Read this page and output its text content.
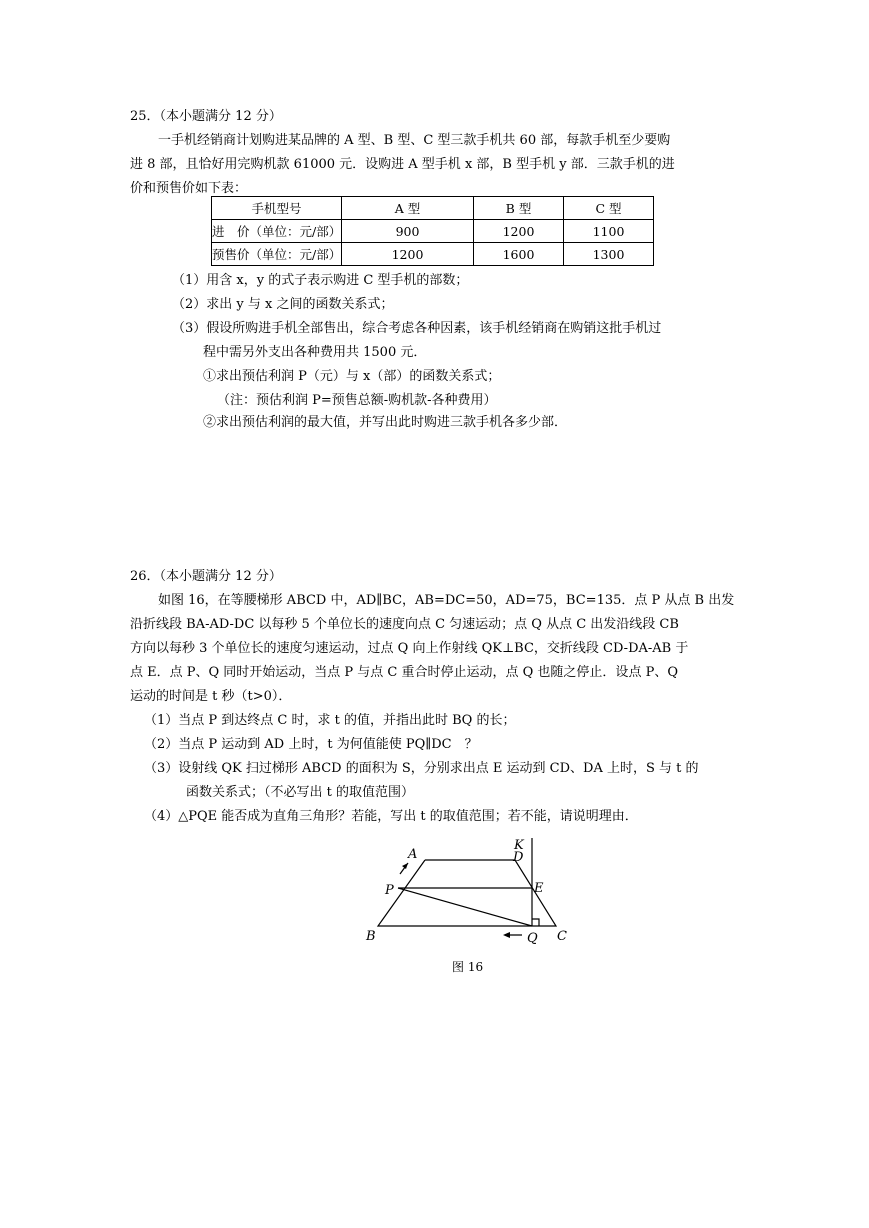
25．（本小题满分 12 分）
一手机经销商计划购进某品牌的 A 型、B 型、C 型三款手机共 60 部，每款手机至少要购
进 8 部，且恰好用完购机款 61000 元．设购进 A 型手机 x 部，B 型手机 y 部．三款手机的进
价和预售价如下表：
手机型号	A 型	B 型	C 型
进　价（单位：元/部）	900	1200	1100
预售价（单位：元/部）	1200	1600	1300
（1）用含 x，y 的式子表示购进 C 型手机的部数；
（2）求出 y 与 x 之间的函数关系式；
（3）假设所购进手机全部售出，综合考虑各种因素，该手机经销商在购销这批手机过
程中需另外支出各种费用共 1500 元．
①求出预估利润 P（元）与 x（部）的函数关系式；
（注：预估利润 P=预售总额-购机款-各种费用）
②求出预估利润的最大值，并写出此时购进三款手机各多少部．
26．（本小题满分 12 分）
如图 16，在等腰梯形 ABCD 中，AD∥BC，AB=DC=50，AD=75，BC=135．点 P 从点 B 出发
沿折线段 BA-AD-DC 以每秒 5 个单位长的速度向点 C 匀速运动；点 Q 从点 C 出发沿线段 CB
方向以每秒 3 个单位长的速度匀速运动，过点 Q 向上作射线 QK⊥BC，交折线段 CD-DA-AB 于
点 E．点 P、Q 同时开始运动，当点 P 与点 C 重合时停止运动，点 Q 也随之停止．设点 P、Q
运动的时间是 t 秒（t>0）．
（1）当点 P 到达终点 C 时，求 t 的值，并指出此时 BQ 的长；
（2）当点 P 运动到 AD 上时，t 为何值能使 PQ∥DC　？
（3）设射线 QK 扫过梯形 ABCD 的面积为 S，分别求出点 E 运动到 CD、DA 上时，S 与 t 的
函数关系式；（不必写出 t 的取值范围）
（4）△PQE 能否成为直角三角形？若能，写出 t 的取值范围；若不能，请说明理由．
A	D
K
E
P
B	Q C
图 16
